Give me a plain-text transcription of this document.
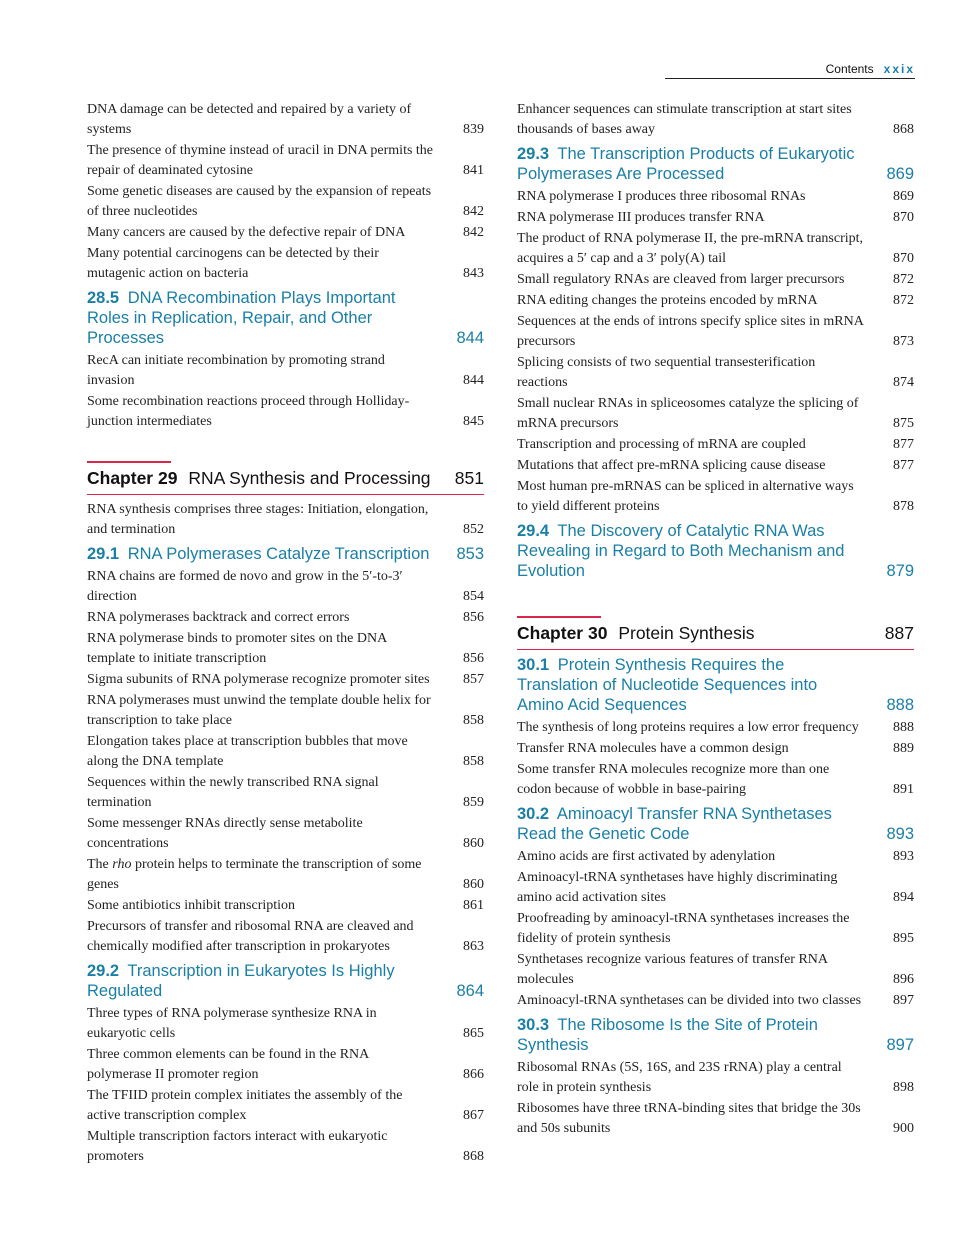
Contents xxix
DNA damage can be detected and repaired by a variety of systems	839
The presence of thymine instead of uracil in DNA permits the repair of deaminated cytosine	841
Some genetic diseases are caused by the expansion of repeats of three nucleotides	842
Many cancers are caused by the defective repair of DNA	842
Many potential carcinogens can be detected by their mutagenic action on bacteria	843
28.5 DNA Recombination Plays Important Roles in Replication, Repair, and Other Processes	844
RecA can initiate recombination by promoting strand invasion	844
Some recombination reactions proceed through Holliday-junction intermediates	845
Chapter 29 RNA Synthesis and Processing 851
RNA synthesis comprises three stages: Initiation, elongation, and termination	852
29.1 RNA Polymerases Catalyze Transcription	853
RNA chains are formed de novo and grow in the 5′-to-3′ direction	854
RNA polymerases backtrack and correct errors	856
RNA polymerase binds to promoter sites on the DNA template to initiate transcription	856
Sigma subunits of RNA polymerase recognize promoter sites	857
RNA polymerases must unwind the template double helix for transcription to take place	858
Elongation takes place at transcription bubbles that move along the DNA template	858
Sequences within the newly transcribed RNA signal termination	859
Some messenger RNAs directly sense metabolite concentrations	860
The rho protein helps to terminate the transcription of some genes	860
Some antibiotics inhibit transcription	861
Precursors of transfer and ribosomal RNA are cleaved and chemically modified after transcription in prokaryotes	863
29.2 Transcription in Eukaryotes Is Highly Regulated	864
Three types of RNA polymerase synthesize RNA in eukaryotic cells	865
Three common elements can be found in the RNA polymerase II promoter region	866
The TFIID protein complex initiates the assembly of the active transcription complex	867
Multiple transcription factors interact with eukaryotic promoters	868
Enhancer sequences can stimulate transcription at start sites thousands of bases away	868
29.3 The Transcription Products of Eukaryotic Polymerases Are Processed	869
RNA polymerase I produces three ribosomal RNAs	869
RNA polymerase III produces transfer RNA	870
The product of RNA polymerase II, the pre-mRNA transcript, acquires a 5′ cap and a 3′ poly(A) tail	870
Small regulatory RNAs are cleaved from larger precursors	872
RNA editing changes the proteins encoded by mRNA	872
Sequences at the ends of introns specify splice sites in mRNA precursors	873
Splicing consists of two sequential transesterification reactions	874
Small nuclear RNAs in spliceosomes catalyze the splicing of mRNA precursors	875
Transcription and processing of mRNA are coupled	877
Mutations that affect pre-mRNA splicing cause disease	877
Most human pre-mRNAS can be spliced in alternative ways to yield different proteins	878
29.4 The Discovery of Catalytic RNA Was Revealing in Regard to Both Mechanism and Evolution	879
Chapter 30 Protein Synthesis	887
30.1 Protein Synthesis Requires the Translation of Nucleotide Sequences into Amino Acid Sequences	888
The synthesis of long proteins requires a low error frequency	888
Transfer RNA molecules have a common design	889
Some transfer RNA molecules recognize more than one codon because of wobble in base-pairing	891
30.2 Aminoacyl Transfer RNA Synthetases Read the Genetic Code	893
Amino acids are first activated by adenylation	893
Aminoacyl-tRNA synthetases have highly discriminating amino acid activation sites	894
Proofreading by aminoacyl-tRNA synthetases increases the fidelity of protein synthesis	895
Synthetases recognize various features of transfer RNA molecules	896
Aminoacyl-tRNA synthetases can be divided into two classes	897
30.3 The Ribosome Is the Site of Protein Synthesis	897
Ribosomal RNAs (5S, 16S, and 23S rRNA) play a central role in protein synthesis	898
Ribosomes have three tRNA-binding sites that bridge the 30s and 50s subunits	900
